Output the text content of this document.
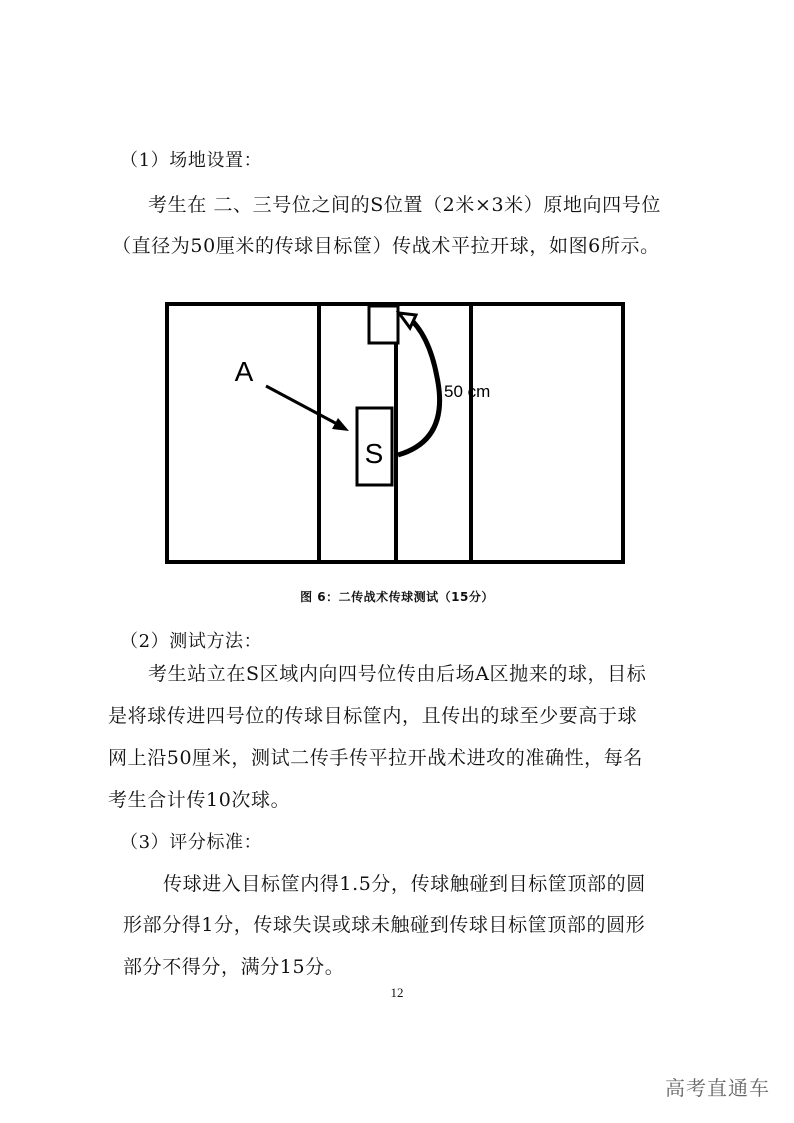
（1）场地设置：
考生在 二、三号位之间的S位置（2米×3米）原地向四号位
（直径为50厘米的传球目标筐）传战术平拉开球，如图6所示。
S
A
50 cm
图 6：二传战术传球测试（15分）
（2）测试方法：
考生站立在S区域内向四号位传由后场A区抛来的球，目标
是将球传进四号位的传球目标筐内，且传出的球至少要高于球
网上沿50厘米，测试二传手传平拉开战术进攻的准确性，每名
考生合计传10次球。
（3）评分标准：
传球进入目标筐内得1.5分，传球触碰到目标筐顶部的圆
形部分得1分，传球失误或球未触碰到传球目标筐顶部的圆形
部分不得分，满分15分。
12
高考直通车
